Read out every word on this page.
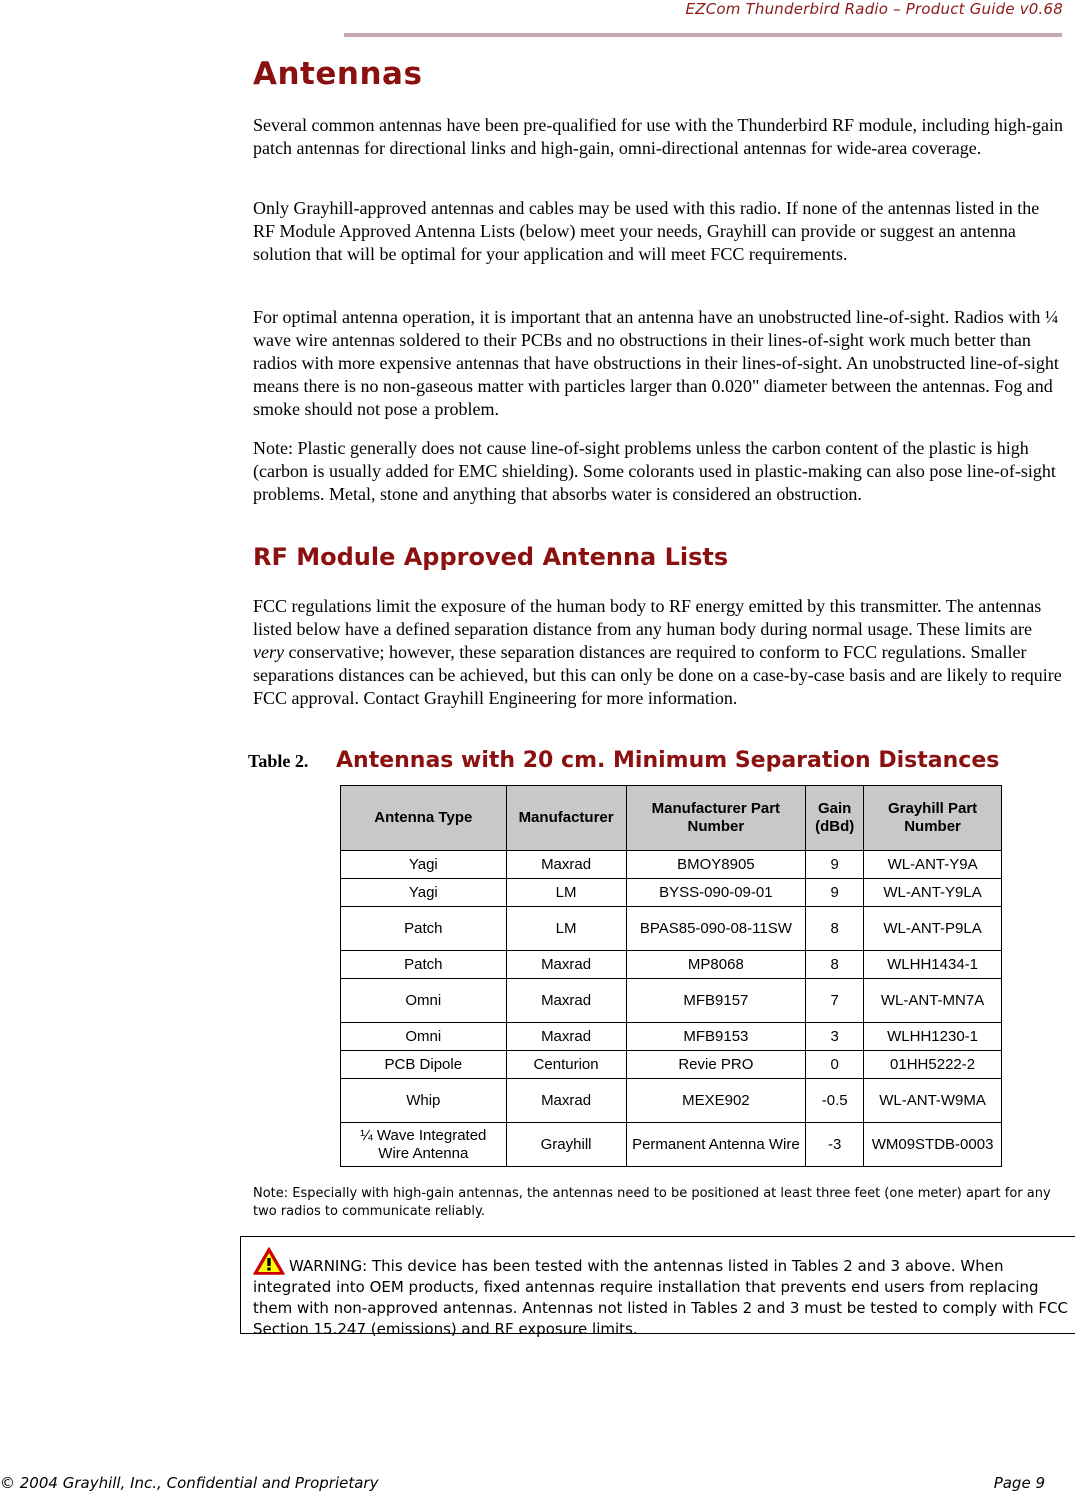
EZCom Thunderbird Radio – Product Guide v0.68
Antennas

Several common antennas have been pre-qualified for use with the Thunderbird RF module, including high-gain patch antennas for directional links and high-gain, omni-directional antennas for wide-area coverage.

Only Grayhill-approved antennas and cables may be used with this radio. If none of the antennas listed in the RF Module Approved Antenna Lists (below) meet your needs, Grayhill can provide or suggest an antenna solution that will be optimal for your application and will meet FCC requirements.

For optimal antenna operation, it is important that an antenna have an unobstructed line-of-sight. Radios with ¼ wave wire antennas soldered to their PCBs and no obstructions in their lines-of-sight work much better than radios with more expensive antennas that have obstructions in their lines-of-sight. An unobstructed line-of-sight means there is no non-gaseous matter with particles larger than 0.020" diameter between the antennas. Fog and smoke should not pose a problem.

Note: Plastic generally does not cause line-of-sight problems unless the carbon content of the plastic is high (carbon is usually added for EMC shielding). Some colorants used in plastic-making can also pose line-of-sight problems. Metal, stone and anything that absorbs water is considered an obstruction.

RF Module Approved Antenna Lists

FCC regulations limit the exposure of the human body to RF energy emitted by this transmitter. The antennas listed below have a defined separation distance from any human body during normal usage. These limits are very conservative; however, these separation distances are required to conform to FCC regulations. Smaller separations distances can be achieved, but this can only be done on a case-by-case basis and are likely to require FCC approval. Contact Grayhill Engineering for more information.

Table 2. Antennas with 20 cm. Minimum Separation Distances
Antenna Type	Manufacturer	Manufacturer Part Number	Gain (dBd)	Grayhill Part Number
Yagi	Maxrad	BMOY8905	9	WL-ANT-Y9A
Yagi	LM	BYSS-090-09-01	9	WL-ANT-Y9LA
Patch	LM	BPAS85-090-08-11SW	8	WL-ANT-P9LA
Patch	Maxrad	MP8068	8	WLHH1434-1
Omni	Maxrad	MFB9157	7	WL-ANT-MN7A
Omni	Maxrad	MFB9153	3	WLHH1230-1
PCB Dipole	Centurion	Revie PRO	0	01HH5222-2
Whip	Maxrad	MEXE902	-0.5	WL-ANT-W9MA
¼ Wave Integrated Wire Antenna	Grayhill	Permanent Antenna Wire	-3	WM09STDB-0003

Note: Especially with high-gain antennas, the antennas need to be positioned at least three feet (one meter) apart for any two radios to communicate reliably.

WARNING: This device has been tested with the antennas listed in Tables 2 and 3 above. When integrated into OEM products, fixed antennas require installation that prevents end users from replacing them with non-approved antennas. Antennas not listed in Tables 2 and 3 must be tested to comply with FCC Section 15.247 (emissions) and RF exposure limits.
© 2004 Grayhill, Inc., Confidential and Proprietary	Page 9
